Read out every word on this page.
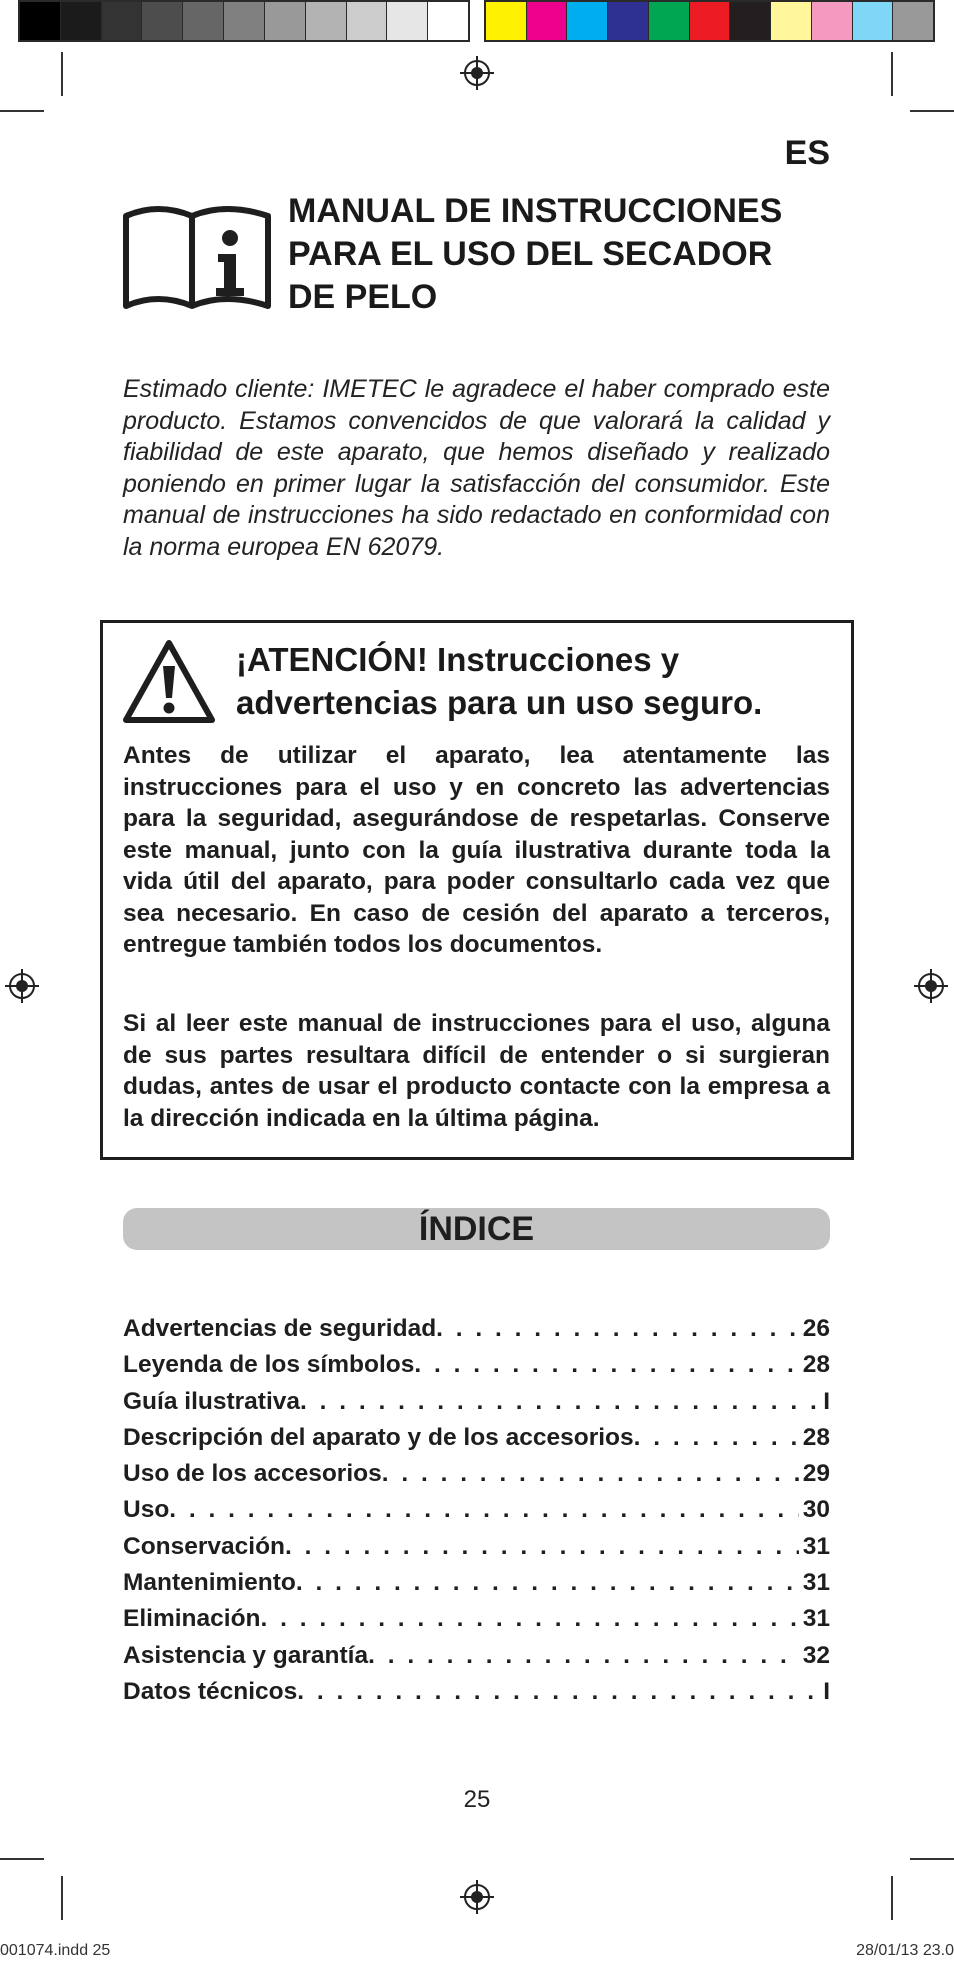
ES
MANUAL DE INSTRUCCIONES
PARA EL USO DEL SECADOR
DE PELO

Estimado cliente: IMETEC le agradece el haber comprado este producto. Estamos convencidos de que valorará la calidad y fiabilidad de este aparato, que hemos diseñado y realizado poniendo en primer lugar la satisfacción del consumidor. Este manual de instrucciones ha sido redactado en conformidad con la norma europea EN 62079.

¡ATENCIÓN! Instrucciones y
advertencias para un uso seguro.

Antes de utilizar el aparato, lea atentamente las instrucciones para el uso y en concreto las advertencias para la seguridad, asegurándose de respetarlas. Conserve este manual, junto con la guía ilustrativa durante toda la vida útil del aparato, para poder consultarlo cada vez que sea necesario. En caso de cesión del aparato a terceros, entregue también todos los documentos.

Si al leer este manual de instrucciones para el uso, alguna de sus partes resultara difícil de entender o si surgieran dudas, antes de usar el producto contacte con la empresa a la dirección indicada en la última página.

ÍNDICE
Advertencias de seguridad . . .	26
Leyenda de los símbolos . . .	28
Guía ilustrativa . . .	I
Descripción del aparato y de los accesorios . . .	28
Uso de los accesorios . . .	29
Uso . . .	30
Conservación . . .	31
Mantenimiento . . .	31
Eliminación . . .	31
Asistencia y garantía . . .	32
Datos técnicos . . .	I
25
001074.indd 25	28/01/13 23.0
